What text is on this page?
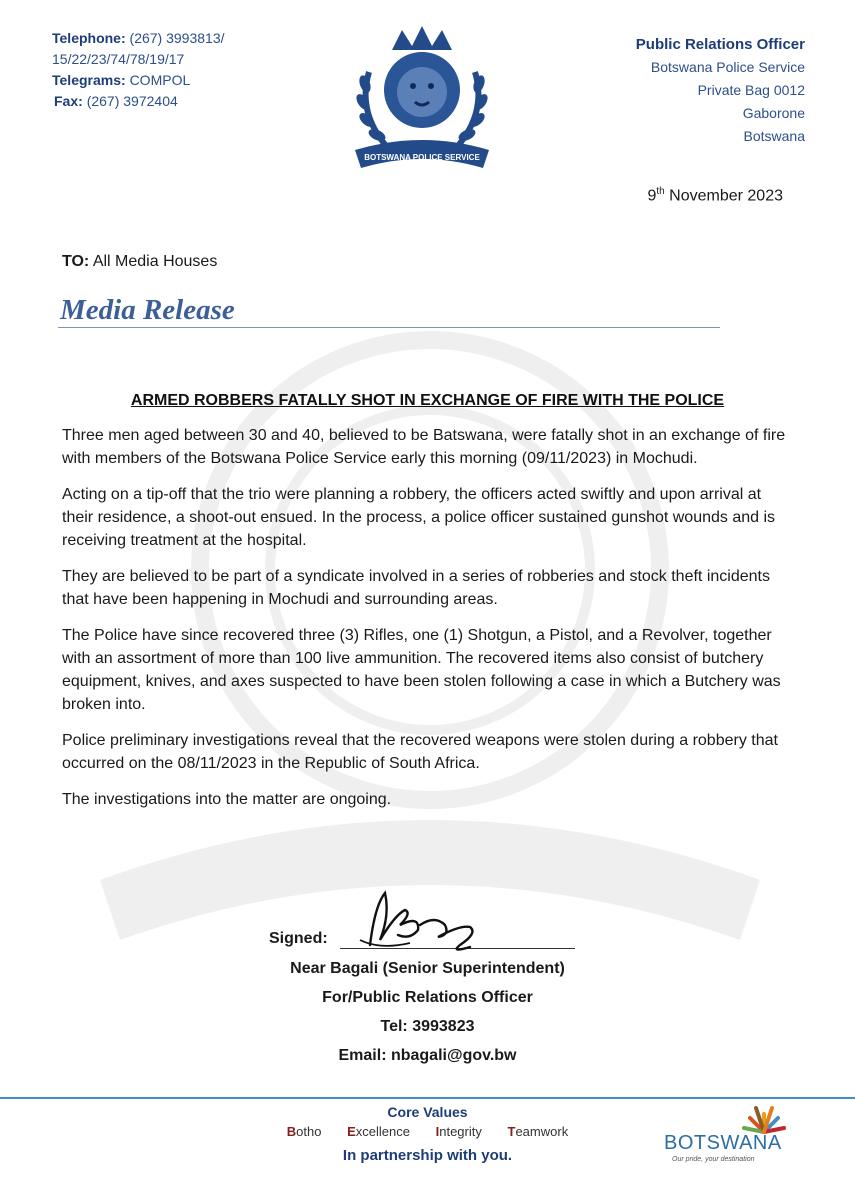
Telephone: (267) 3993813/
15/22/23/74/78/19/17
Telegrams: COMPOL
Fax: (267) 3972404
BOTSWANA POLICE SERVICE
Public Relations Officer
Botswana Police Service
Private Bag 0012
Gaborone
Botswana
9th November 2023
TO: All Media Houses
Media Release
ARMED ROBBERS FATALLY SHOT IN EXCHANGE OF FIRE WITH THE POLICE

Three men aged between 30 and 40, believed to be Batswana, were fatally shot in an exchange of fire with members of the Botswana Police Service early this morning (09/11/2023) in Mochudi.

Acting on a tip-off that the trio were planning a robbery, the officers acted swiftly and upon arrival at their residence, a shoot-out ensued. In the process, a police officer sustained gunshot wounds and is receiving treatment at the hospital.

They are believed to be part of a syndicate involved in a series of robberies and stock theft incidents that have been happening in Mochudi and surrounding areas.

The Police have since recovered three (3) Rifles, one (1) Shotgun, a Pistol, and a Revolver, together with an assortment of more than 100 live ammunition. The recovered items also consist of butchery equipment, knives, and axes suspected to have been stolen following a case in which a Butchery was broken into.

Police preliminary investigations reveal that the recovered weapons were stolen during a robbery that occurred on the 08/11/2023 in the Republic of South Africa.

The investigations into the matter are ongoing.

Signed:
Near Bagali (Senior Superintendent)
For/Public Relations Officer
Tel: 3993823
Email: nbagali@gov.bw
Core Values
Botho Excellence Integrity Teamwork
In partnership with you.
BOTSWANA
Our pride, your destination
